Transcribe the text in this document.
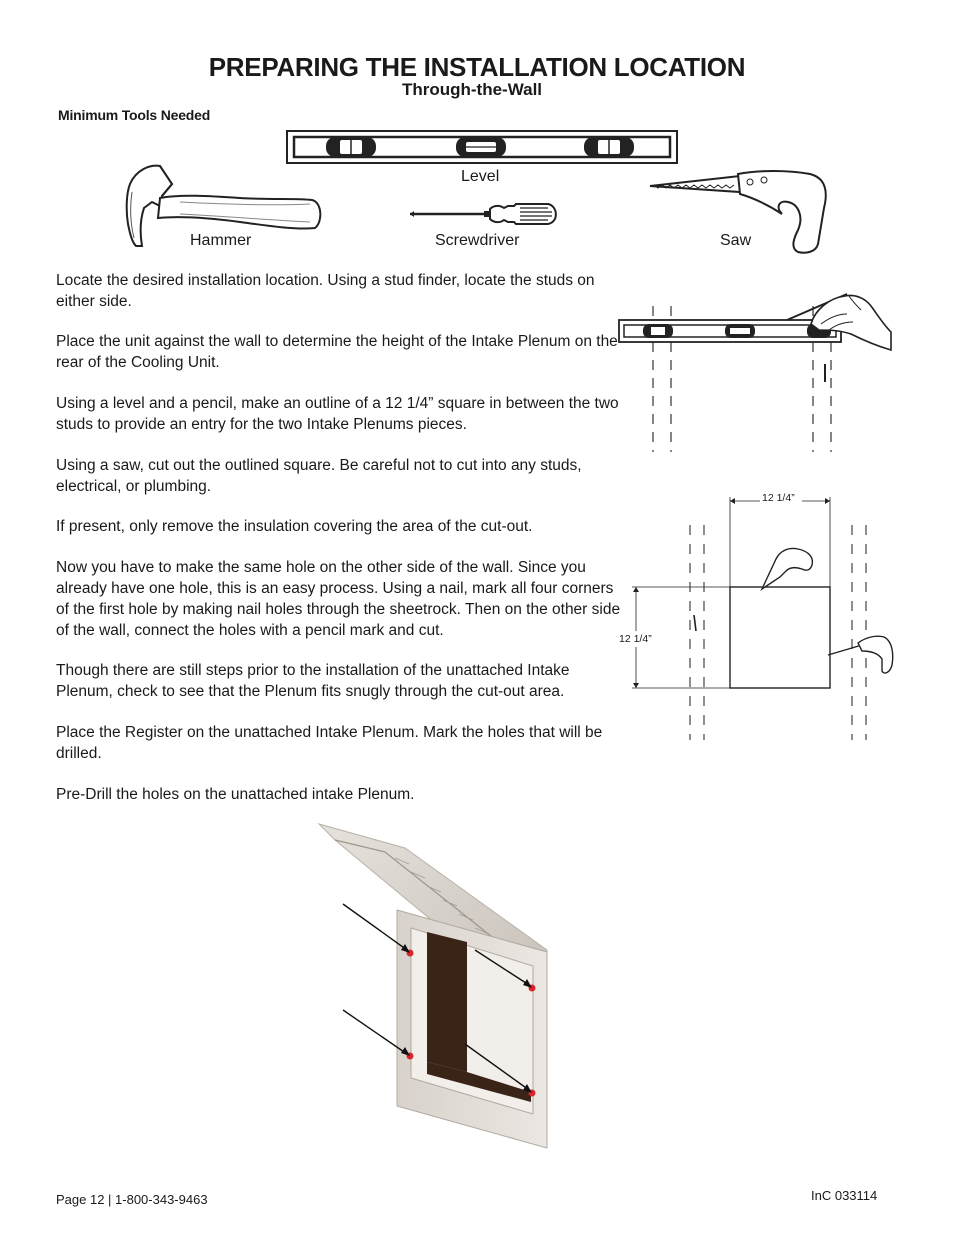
PREPARING THE INSTALLATION LOCATION
Through-the-Wall
Minimum Tools Needed
Level
Hammer	Screwdriver	Saw
Locate the desired installation location. Using a stud finder, locate the studs on either side.
Place the unit against the wall to determine the height of the Intake Plenum on the rear of the Cooling Unit.
Using a level and a pencil, make an outline of a 12 1/4” square in between the two studs to provide an entry for the two Intake Plenums pieces.
Using a saw, cut out the outlined square. Be careful not to cut into any studs, electrical, or plumbing.
If present, only remove the insulation covering the area of the cut-out.
Now you have to make the same hole on the other side of the wall. Since you already have one hole, this is an easy process. Using a nail, mark all four corners of the first hole by making nail holes through the sheetrock. Then on the other side of the wall, connect the holes with a pencil mark and cut.
Though there are still steps prior to the installation of the unattached Intake Plenum, check to see that the Plenum fits snugly through the cut-out area.
Place the Register on the unattached Intake Plenum. Mark the holes that will be drilled.
Pre-Drill the holes on the unattached intake Plenum.
12 1/4”
12 1/4”
Page 12 | 1-800-343-9463	InC 033114
